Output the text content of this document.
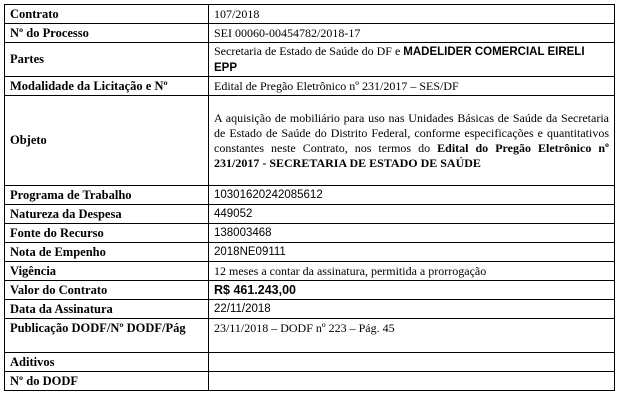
Contrato	107/2018
Nº do Processo	SEI 00060-00454782/2018-17
Partes	Secretaria de Estado de Saúde do DF e MADELIDER COMERCIAL EIRELI EPP
Modalidade da Licitação e Nº	Edital de Pregão Eletrônico nº 231/2017 – SES/DF
Objeto	A aquisição de mobiliário para uso nas Unidades Básicas de Saúde da Secretaria de Estado de Saúde do Distrito Federal, conforme especificações e quantitativos constantes neste Contrato, nos termos do Edital do Pregão Eletrônico nº 231/2017 - SECRETARIA DE ESTADO DE SAÚDE
Programa de Trabalho	10301620242085612
Natureza da Despesa	449052
Fonte do Recurso	138003468
Nota de Empenho	2018NE09111
Vigência	12 meses a contar da assinatura, permitida a prorrogação
Valor do Contrato	R$ 461.243,00
Data da Assinatura	22/11/2018
Publicação DODF/Nº DODF/Pág	23/11/2018 – DODF nº 223 – Pág. 45
Aditivos	
Nº do DODF	
